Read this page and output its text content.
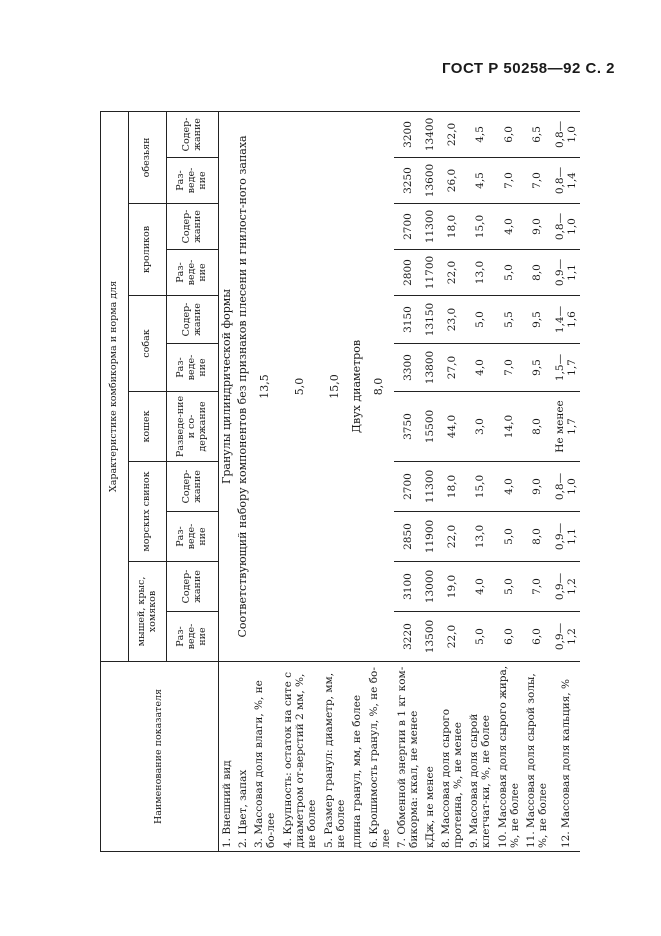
ГОСТ Р 50258—92 С. 2
Наименование показателя	Характеристике комбикорма и норма для										
	мышей, крыс, хомяков		морских свинок		кошек	собак		кроликов		обезьян	
	Раз-веде-ние	Содер-жание	Раз-веде-ние	Содер-жание	Разведе-ние и со-держание	Раз-веде-ние	Содер-жание	Раз-веде-ние	Содер-жание	Раз-веде-ние	Содер-жание
1. Внешний вид	Гранулы цилиндрической формы										
2. Цвет, запах	Соответствующий набору компонентов без признаков плесени и гнилост-ного запаха										
3. Массовая доля влаги, %, не бо-лее	13,5										
4. Крупность: остаток на сите с диаметром от-верстий 2 мм, %, не более	5,0										
5. Размер гранул: диаметр, мм, не более	15,0										
длина гранул, мм, не более	Двух диаметров										
6. Крошимость гранул, %, не бо-лее	8,0										
7. Обменной энергии в 1 кг ком-бикорма: ккал, не менее	3220	3100	2850	2700	3750	3300	3150	2800	2700	3250	3200
кДж, не менее	13500	13000	11900	11300	15500	13800	13150	11700	11300	13600	13400
8. Массовая доля сырого протеина, %, не менее	22,0	19,0	22,0	18,0	44,0	27,0	23,0	22,0	18,0	26,0	22,0
9. Массовая доля сырой клетчат-ки, %, не более	5,0	4,0	13,0	15,0	3,0	4,0	5,0	13,0	15,0	4,5	4,5
10. Массовая доля сырого жира, %, не более	6,0	5,0	5,0	4,0	14,0	7,0	5,5	5,0	4,0	7,0	6,0
11. Массовая доля сырой золы, %, не более	6,0	7,0	8,0	9,0	8,0	9,5	9,5	8,0	9,0	7,0	6,5
12. Массовая доля кальция, %	0,9—1,2	0,9—1,2	0,9—1,1	0,8—1,0	Не менее 1,7	1,5—1,7	1,4—1,6	0,9—1,1	0,8—1,0	0,8—1,4	0,8—1,0
